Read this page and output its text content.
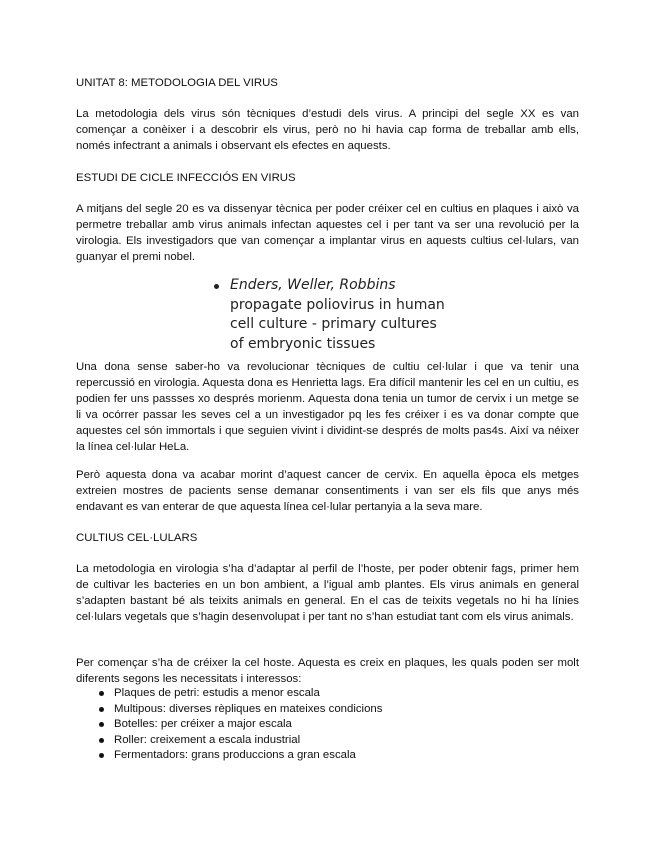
UNITAT 8: METODOLOGIA DEL VIRUS

La metodologia dels virus són tècniques d’estudi dels virus. A principi del segle XX es van començar a conèixer i a descobrir els virus, però no hi havia cap forma de treballar amb ells, només infectrant a animals i observant els efectes en aquests.

ESTUDI DE CICLE INFECCIÓS EN VIRUS

A mitjans del segle 20 es va dissenyar tècnica per poder créixer cel en cultius en plaques i això va permetre treballar amb virus animals infectan aquestes cel i per tant va ser una revolució per la virologia. Els investigadors que van començar a implantar virus en aquests cultius cel·lulars, van guanyar el premi nobel.

Enders, Weller, Robbins propagate poliovirus in human cell culture - primary cultures of embryonic tissues

Una dona sense saber-ho va revolucionar tècniques de cultiu cel·lular i que va tenir una repercussió en virologia. Aquesta dona es Henrietta lags. Era difícil mantenir les cel en un cultiu, es podien fer uns passses xo després morienm. Aquesta dona tenia un tumor de cervix i un metge se li va ocórrer passar les seves cel a un investigador pq les fes créixer i es va donar compte que aquestes cel són immortals i que seguien vivint i dividint-se després de molts pas4s. Així va néixer la línea cel·lular HeLa.

Però aquesta dona va acabar morint d’aquest cancer de cervix. En aquella època els metges extreien mostres de pacients sense demanar consentiments i van ser els fils que anys més endavant es van enterar de que aquesta línea cel·lular pertanyia a la seva mare.

CULTIUS CEL·LULARS

La metodologia en virologia s’ha d’adaptar al perfil de l’hoste, per poder obtenir fags, primer hem de cultivar les bacteries en un bon ambient, a l’igual amb plantes. Els virus animals en general s’adapten bastant bé als teixits animals en general. En el cas de teixits vegetals no hi ha línies cel·lulars vegetals que s’hagin desenvolupat i per tant no s’han estudiat tant com els virus animals.

Per començar s’ha de créixer la cel hoste. Aquesta es creix en plaques, les quals poden ser molt diferents segons les necessitats i interessos:

Plaques de petri: estudis a menor escala
Multipous: diverses rèpliques en mateixes condicions
Botelles: per créixer a major escala
Roller: creixement a escala industrial
Fermentadors: grans produccions a gran escala
